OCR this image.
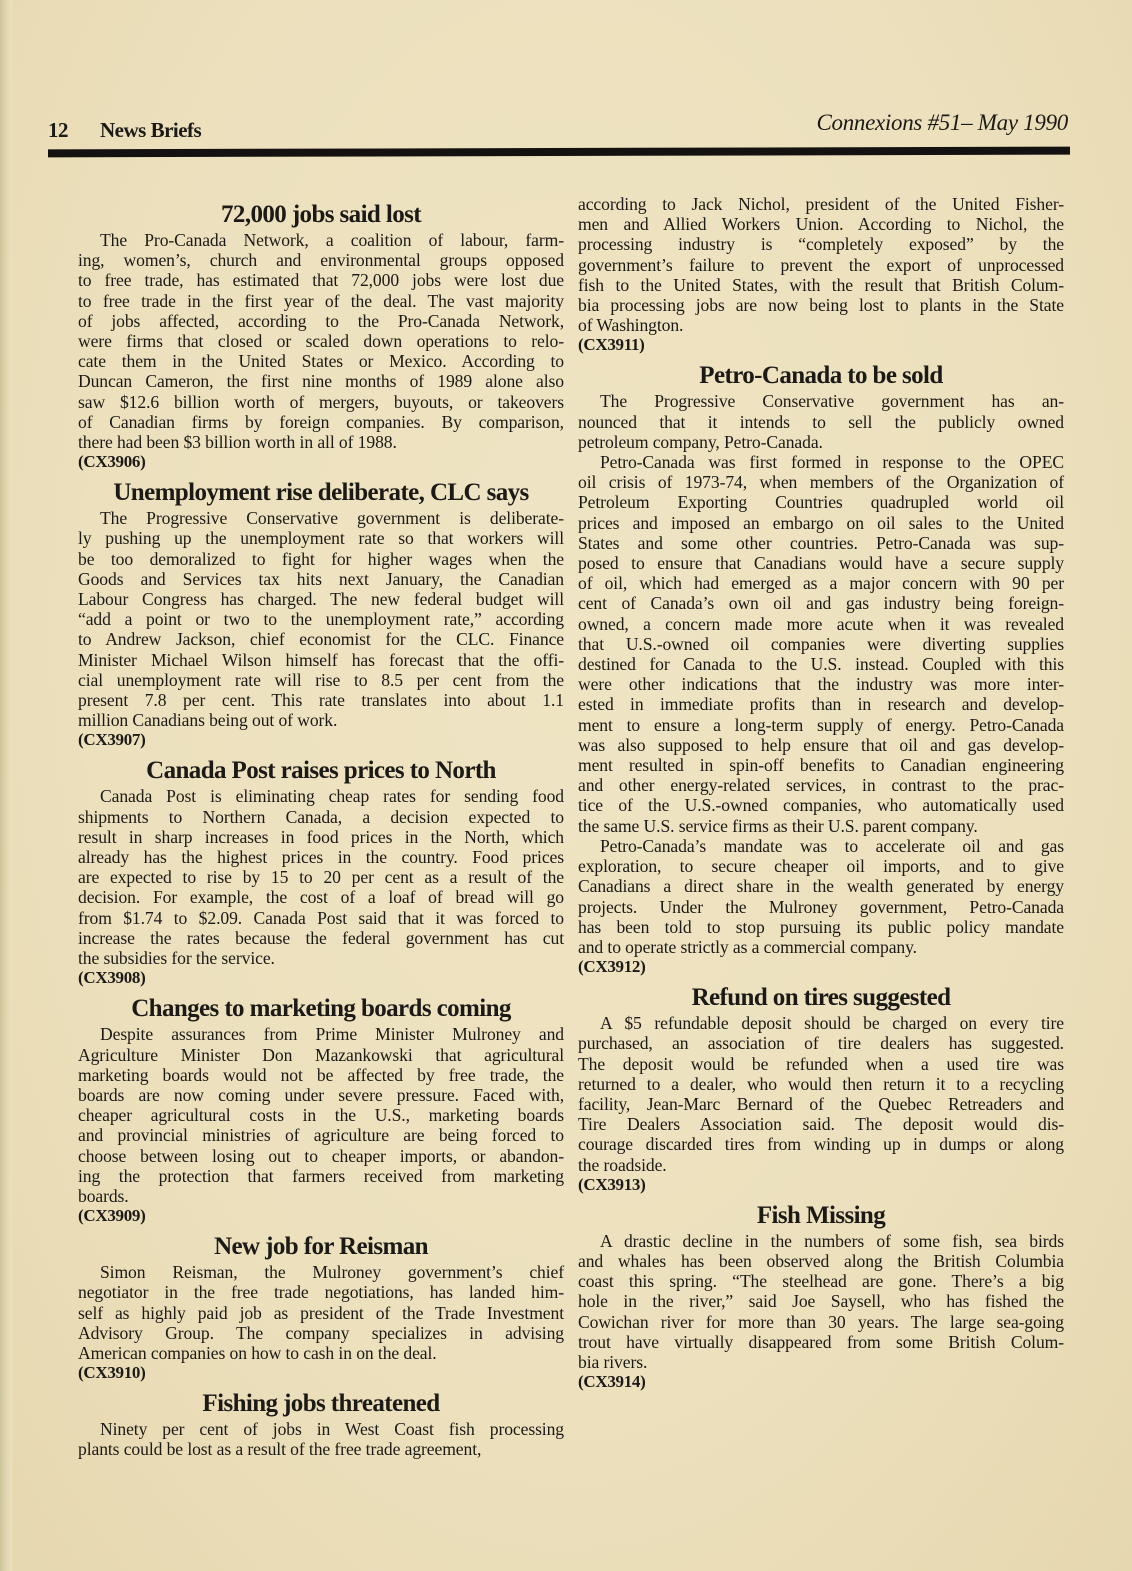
12 News Briefs	Connexions #51– May 1990
72,000 jobs said lost
The Pro-Canada Network, a coalition of labour, farm-
ing, women’s, church and environmental groups opposed
to free trade, has estimated that 72,000 jobs were lost due
to free trade in the first year of the deal. The vast majority
of jobs affected, according to the Pro-Canada Network,
were firms that closed or scaled down operations to relo-
cate them in the United States or Mexico. According to
Duncan Cameron, the first nine months of 1989 alone also
saw $12.6 billion worth of mergers, buyouts, or takeovers
of Canadian firms by foreign companies. By comparison,
there had been $3 billion worth in all of 1988.
(CX3906)
Unemployment rise deliberate, CLC says
The Progressive Conservative government is deliberate-
ly pushing up the unemployment rate so that workers will
be too demoralized to fight for higher wages when the
Goods and Services tax hits next January, the Canadian
Labour Congress has charged. The new federal budget will
“add a point or two to the unemployment rate,” according
to Andrew Jackson, chief economist for the CLC. Finance
Minister Michael Wilson himself has forecast that the offi-
cial unemployment rate will rise to 8.5 per cent from the
present 7.8 per cent. This rate translates into about 1.1
million Canadians being out of work.
(CX3907)
Canada Post raises prices to North
Canada Post is eliminating cheap rates for sending food
shipments to Northern Canada, a decision expected to
result in sharp increases in food prices in the North, which
already has the highest prices in the country. Food prices
are expected to rise by 15 to 20 per cent as a result of the
decision. For example, the cost of a loaf of bread will go
from $1.74 to $2.09. Canada Post said that it was forced to
increase the rates because the federal government has cut
the subsidies for the service.
(CX3908)
Changes to marketing boards coming
Despite assurances from Prime Minister Mulroney and
Agriculture Minister Don Mazankowski that agricultural
marketing boards would not be affected by free trade, the
boards are now coming under severe pressure. Faced with,
cheaper agricultural costs in the U.S., marketing boards
and provincial ministries of agriculture are being forced to
choose between losing out to cheaper imports, or abandon-
ing the protection that farmers received from marketing
boards.
(CX3909)
New job for Reisman
Simon Reisman, the Mulroney government’s chief
negotiator in the free trade negotiations, has landed him-
self as highly paid job as president of the Trade Investment
Advisory Group. The company specializes in advising
American companies on how to cash in on the deal.
(CX3910)
Fishing jobs threatened
Ninety per cent of jobs in West Coast fish processing
plants could be lost as a result of the free trade agreement,
according to Jack Nichol, president of the United Fisher-
men and Allied Workers Union. According to Nichol, the
processing industry is “completely exposed” by the
government’s failure to prevent the export of unprocessed
fish to the United States, with the result that British Colum-
bia processing jobs are now being lost to plants in the State
of Washington.
(CX3911)
Petro-Canada to be sold
The Progressive Conservative government has an-
nounced that it intends to sell the publicly owned
petroleum company, Petro-Canada.
Petro-Canada was first formed in response to the OPEC
oil crisis of 1973-74, when members of the Organization of
Petroleum Exporting Countries quadrupled world oil
prices and imposed an embargo on oil sales to the United
States and some other countries. Petro-Canada was sup-
posed to ensure that Canadians would have a secure supply
of oil, which had emerged as a major concern with 90 per
cent of Canada’s own oil and gas industry being foreign-
owned, a concern made more acute when it was revealed
that U.S.-owned oil companies were diverting supplies
destined for Canada to the U.S. instead. Coupled with this
were other indications that the industry was more inter-
ested in immediate profits than in research and develop-
ment to ensure a long-term supply of energy. Petro-Canada
was also supposed to help ensure that oil and gas develop-
ment resulted in spin-off benefits to Canadian engineering
and other energy-related services, in contrast to the prac-
tice of the U.S.-owned companies, who automatically used
the same U.S. service firms as their U.S. parent company.
Petro-Canada’s mandate was to accelerate oil and gas
exploration, to secure cheaper oil imports, and to give
Canadians a direct share in the wealth generated by energy
projects. Under the Mulroney government, Petro-Canada
has been told to stop pursuing its public policy mandate
and to operate strictly as a commercial company.
(CX3912)
Refund on tires suggested
A $5 refundable deposit should be charged on every tire
purchased, an association of tire dealers has suggested.
The deposit would be refunded when a used tire was
returned to a dealer, who would then return it to a recycling
facility, Jean-Marc Bernard of the Quebec Retreaders and
Tire Dealers Association said. The deposit would dis-
courage discarded tires from winding up in dumps or along
the roadside.
(CX3913)
Fish Missing
A drastic decline in the numbers of some fish, sea birds
and whales has been observed along the British Columbia
coast this spring. “The steelhead are gone. There’s a big
hole in the river,” said Joe Saysell, who has fished the
Cowichan river for more than 30 years. The large sea-going
trout have virtually disappeared from some British Colum-
bia rivers.
(CX3914)
